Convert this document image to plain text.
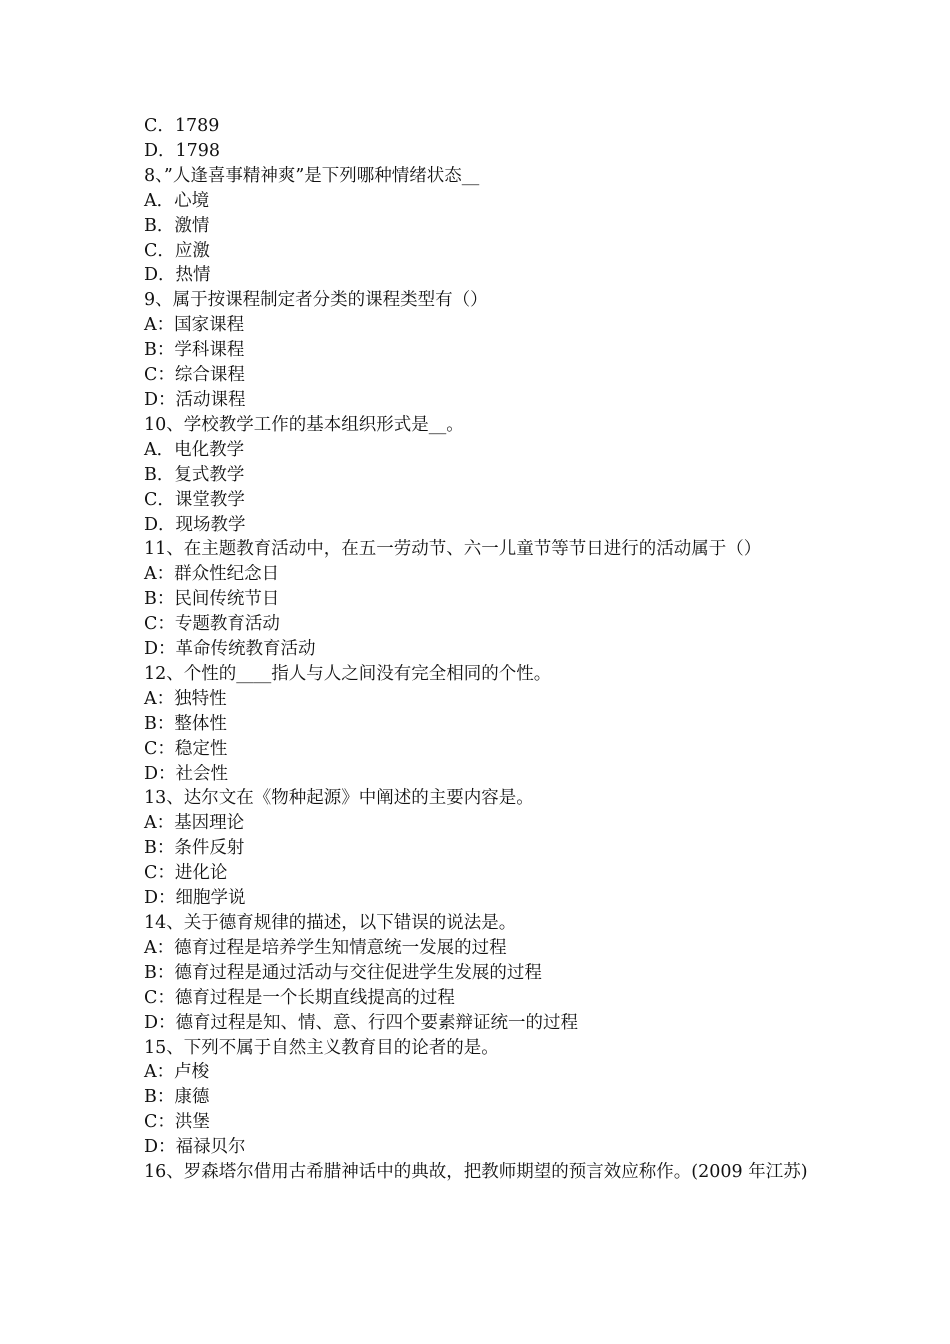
C．1789

D．1798

8、”人逢喜事精神爽”是下列哪种情绪状态__

A．心境

B．激情

C．应激

D．热情

9、属于按课程制定者分类的课程类型有（）

A：国家课程

B：学科课程

C：综合课程

D：活动课程

10、学校教学工作的基本组织形式是__。

A．电化教学

B．复式教学

C．课堂教学

D．现场教学

11、在主题教育活动中，在五一劳动节、六一儿童节等节日进行的活动属于（）

A：群众性纪念日

B：民间传统节日

C：专题教育活动

D：革命传统教育活动

12、个性的____指人与人之间没有完全相同的个性。

A：独特性

B：整体性

C：稳定性

D：社会性

13、达尔文在《物种起源》中阐述的主要内容是。

A：基因理论

B：条件反射

C：进化论

D：细胞学说

14、关于德育规律的描述，以下错误的说法是。

A：德育过程是培养学生知情意统一发展的过程

B：德育过程是通过活动与交往促进学生发展的过程

C：德育过程是一个长期直线提高的过程

D：德育过程是知、情、意、行四个要素辩证统一的过程

15、下列不属于自然主义教育目的论者的是。

A：卢梭

B：康德

C：洪堡

D：福禄贝尔

16、罗森塔尔借用古希腊神话中的典故，把教师期望的预言效应称作。(2009 年江苏)
